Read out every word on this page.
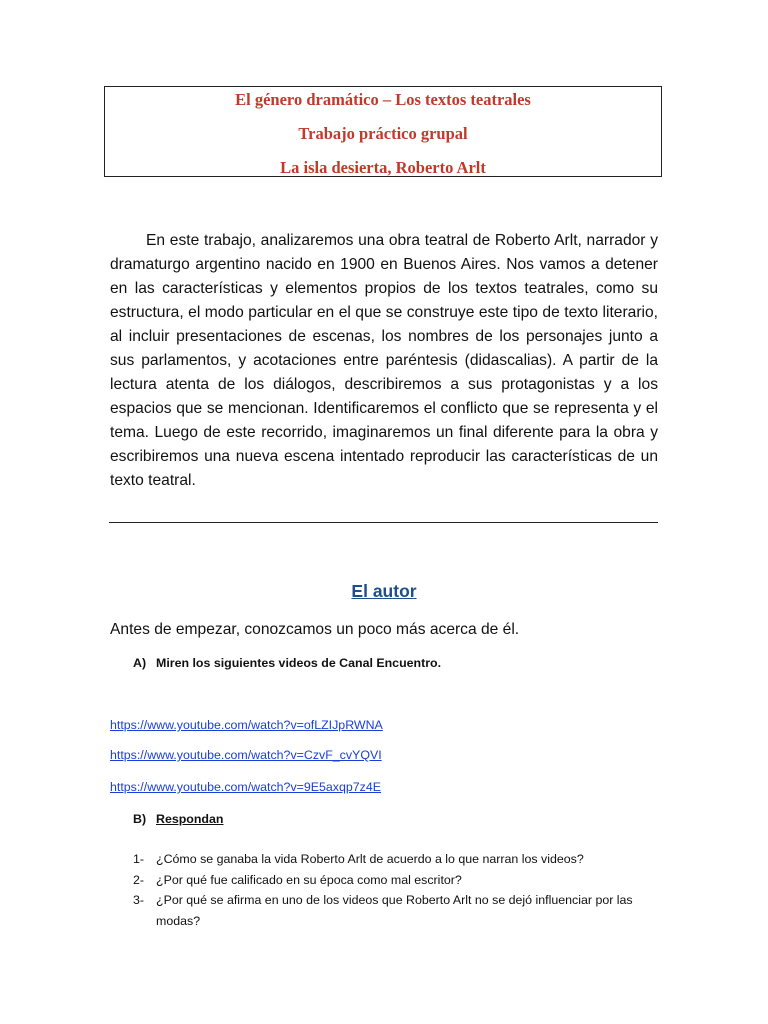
El género dramático – Los textos teatrales
Trabajo práctico grupal
La isla desierta, Roberto Arlt

En este trabajo, analizaremos una obra teatral de Roberto Arlt, narrador y dramaturgo argentino nacido en 1900 en Buenos Aires. Nos vamos a detener en las características y elementos propios de los textos teatrales, como su estructura, el modo particular en el que se construye este tipo de texto literario, al incluir presentaciones de escenas, los nombres de los personajes junto a sus parlamentos, y acotaciones entre paréntesis (didascalias). A partir de la lectura atenta de los diálogos, describiremos a sus protagonistas y a los espacios que se mencionan. Identificaremos el conflicto que se representa y el tema. Luego de este recorrido, imaginaremos un final diferente para la obra y escribiremos una nueva escena intentado reproducir las características de un texto teatral.

El autor
Antes de empezar, conozcamos un poco más acerca de él.
A) Miren los siguientes videos de Canal Encuentro.
https://www.youtube.com/watch?v=ofLZIJpRWNA
https://www.youtube.com/watch?v=CzvF_cvYQVI
https://www.youtube.com/watch?v=9E5axqp7z4E
B) Respondan
1- ¿Cómo se ganaba la vida Roberto Arlt de acuerdo a lo que narran los videos?
2- ¿Por qué fue calificado en su época como mal escritor?
3- ¿Por qué se afirma en uno de los videos que Roberto Arlt no se dejó influenciar por las modas?
